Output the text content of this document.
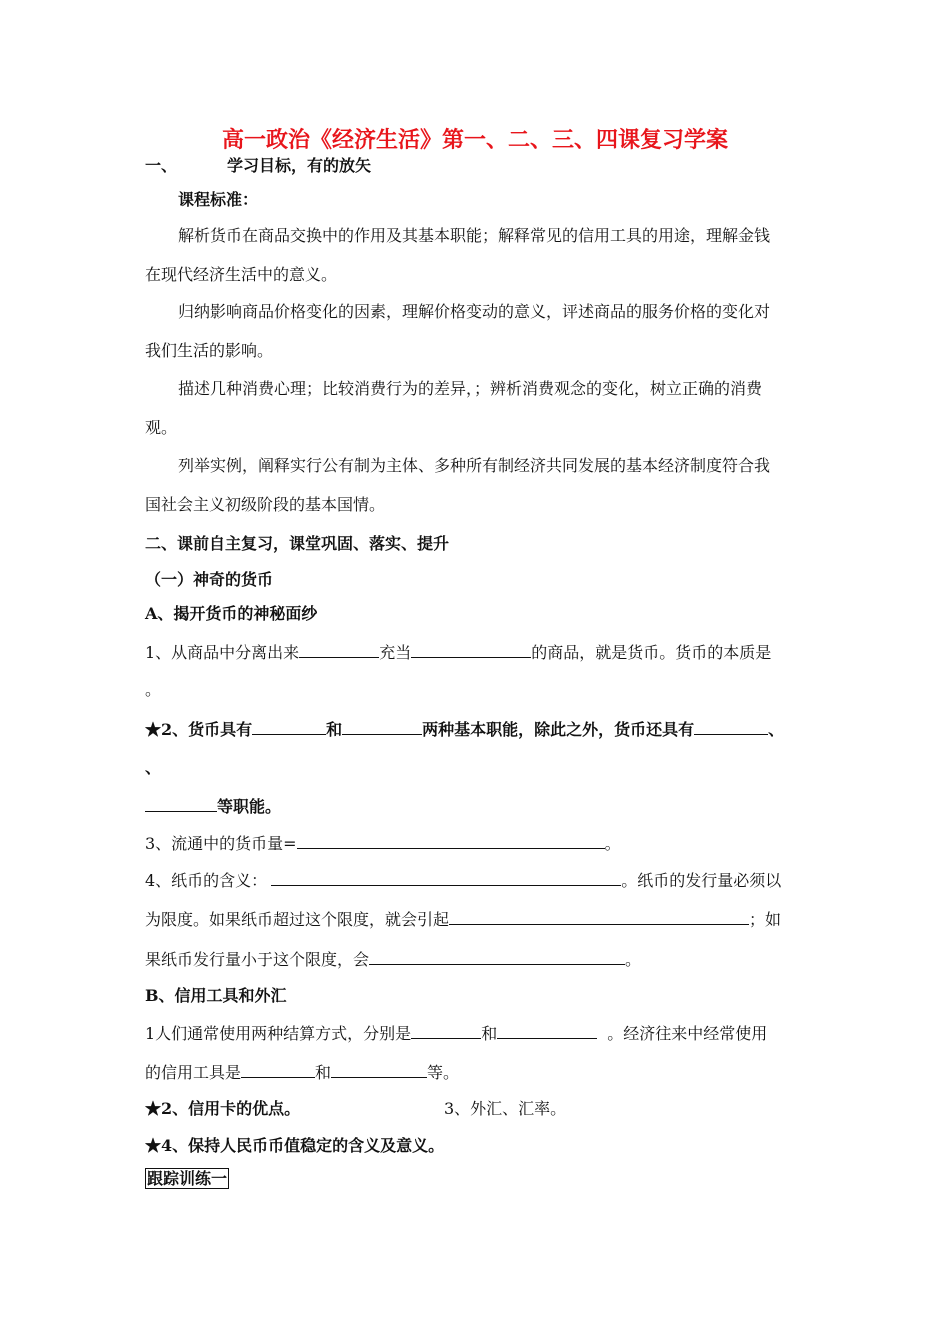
高一政治《经济生活》第一、二、三、四课复习学案
一、	学习目标，有的放矢
课程标准：
解析货币在商品交换中的作用及其基本职能；解释常见的信用工具的用途，理解金钱
在现代经济生活中的意义。
归纳影响商品价格变化的因素，理解价格变动的意义，评述商品的服务价格的变化对
我们生活的影响。
描述几种消费心理；比较消费行为的差异，；辨析消费观念的变化，树立正确的消费
观。
列举实例，阐释实行公有制为主体、多种所有制经济共同发展的基本经济制度符合我
国社会主义初级阶段的基本国情。
二、课前自主复习，课堂巩固、落实、提升
（一）神奇的货币
A、揭开货币的神秘面纱
1、从商品中分离出来	充当	的商品，就是货币。货币的本质是
。
★2、货币具有	和	两种基本职能，除此之外，货币还具有	、
、
等职能。
3、流通中的货币量=	。
4、纸币的含义：	。纸币的发行量必须以
为限度。如果纸币超过这个限度，就会引起	；如
果纸币发行量小于这个限度，会	。
B、信用工具和外汇
1人们通常使用两种结算方式，分别是	和	。经济往来中经常使用
的信用工具是	和	等。
★2、信用卡的优点。	3、外汇、汇率。
★4、保持人民币币值稳定的含义及意义。
跟踪训练一
